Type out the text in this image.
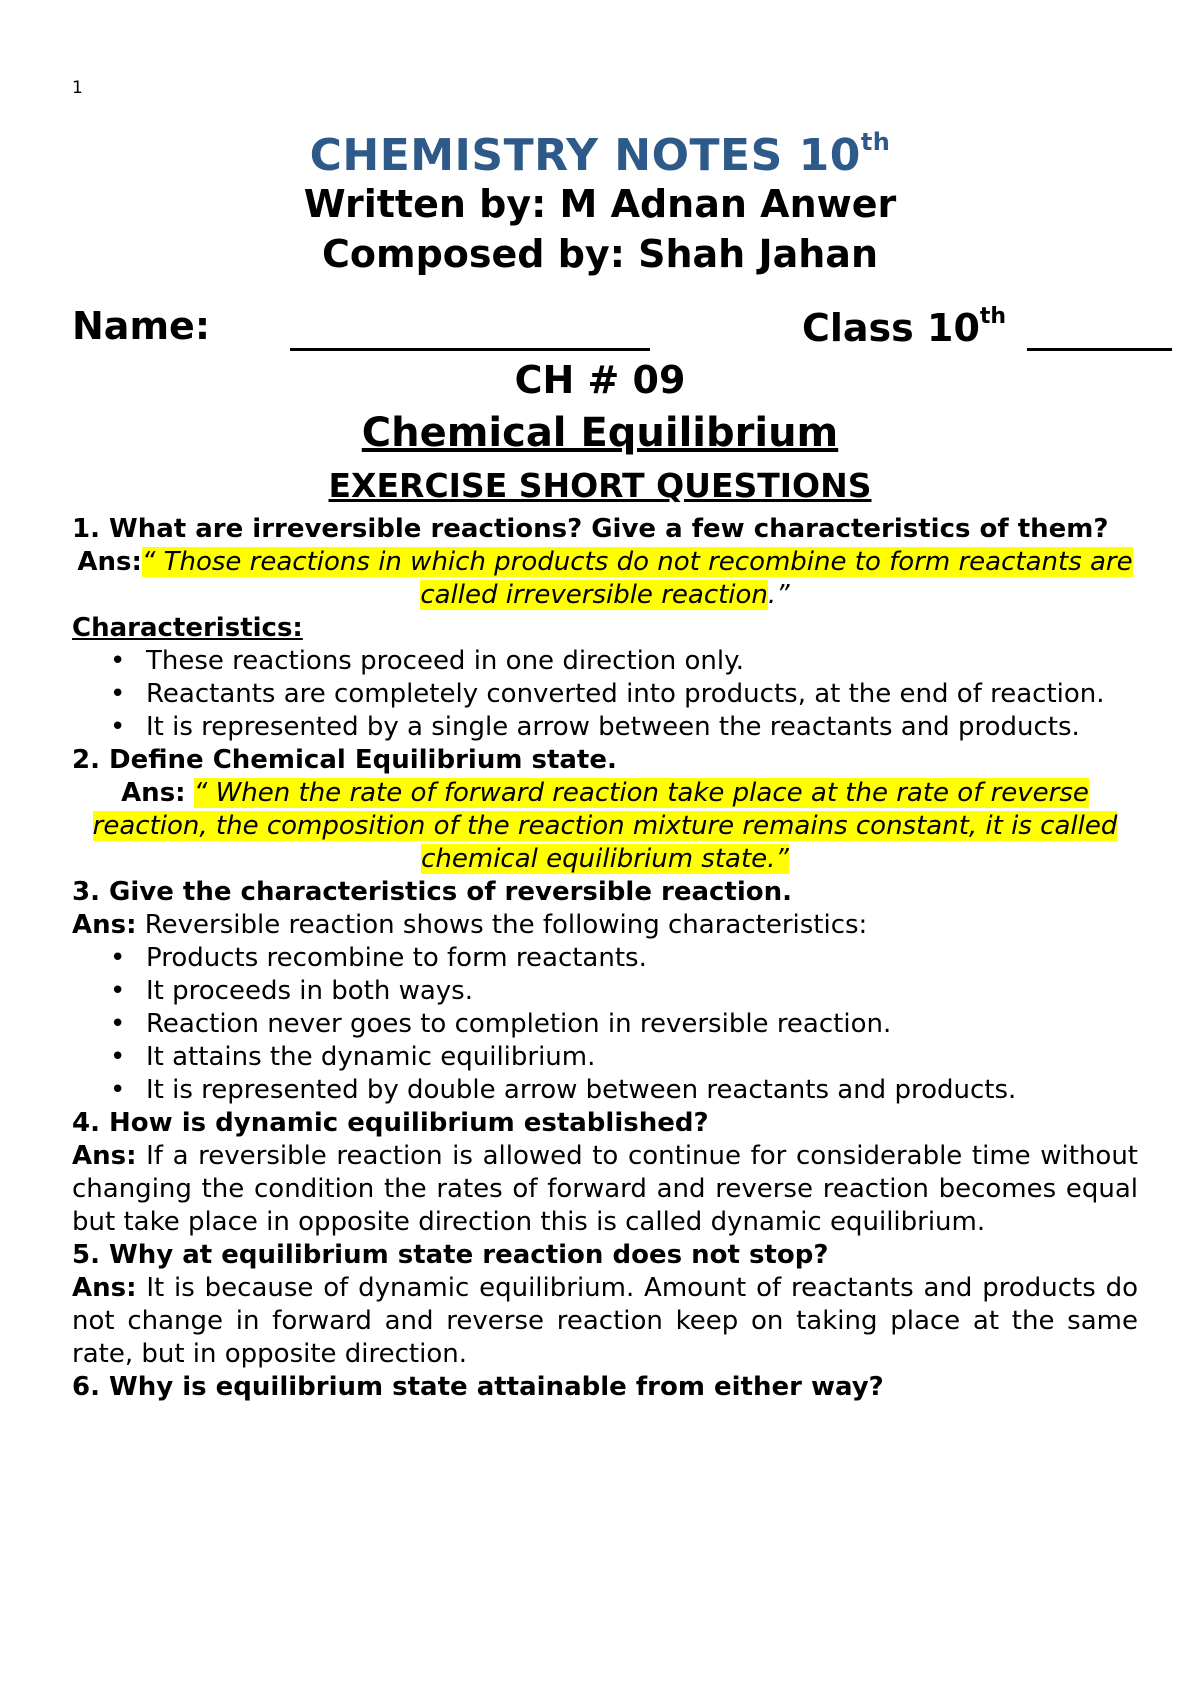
1
CHEMISTRY NOTES 10th
Written by: M Adnan Anwer
Composed by: Shah Jahan
Name:	Class 10th
CH # 09
Chemical Equilibrium
EXERCISE SHORT QUESTIONS

1. What are irreversible reactions? Give a few characteristics of them?

Ans:“ Those reactions in which products do not recombine to form reactants are called irreversible reaction.”

Characteristics:

• These reactions proceed in one direction only.
• Reactants are completely converted into products, at the end of reaction.
• It is represented by a single arrow between the reactants and products.

2. Define Chemical Equilibrium state.

Ans: “ When the rate of forward reaction take place at the rate of reverse reaction, the composition of the reaction mixture remains constant, it is called chemical equilibrium state.”

3. Give the characteristics of reversible reaction.

Ans: Reversible reaction shows the following characteristics:

• Products recombine to form reactants.
• It proceeds in both ways.
• Reaction never goes to completion in reversible reaction.
• It attains the dynamic equilibrium.
• It is represented by double arrow between reactants and products.

4. How is dynamic equilibrium established?

Ans: If a reversible reaction is allowed to continue for considerable time without changing the condition the rates of forward and reverse reaction becomes equal but take place in opposite direction this is called dynamic equilibrium.

5. Why at equilibrium state reaction does not stop?

Ans: It is because of dynamic equilibrium. Amount of reactants and products do not change in forward and reverse reaction keep on taking place at the same rate, but in opposite direction.

6. Why is equilibrium state attainable from either way?
